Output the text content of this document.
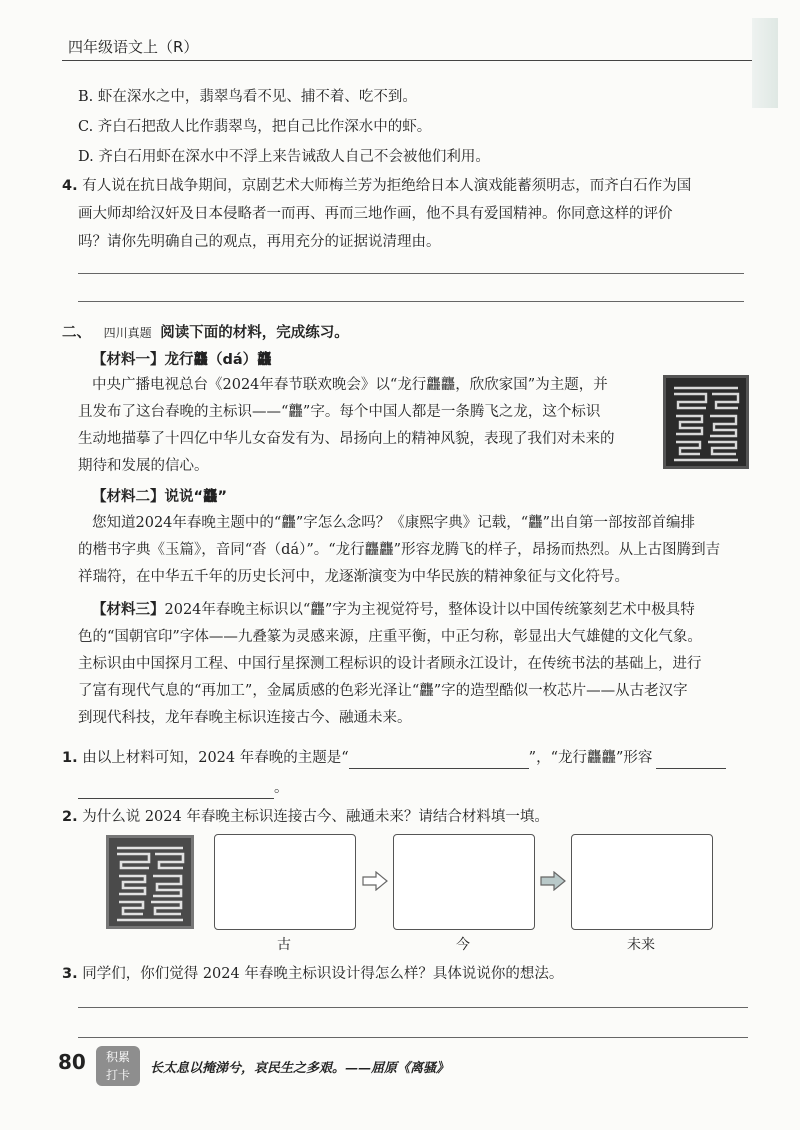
四年级语文上（R）
B. 虾在深水之中，翡翠鸟看不见、捕不着、吃不到。
C. 齐白石把敌人比作翡翠鸟，把自己比作深水中的虾。
D. 齐白石用虾在深水中不浮上来告诫敌人自己不会被他们利用。
4. 有人说在抗日战争期间，京剧艺术大师梅兰芳为拒绝给日本人演戏能蓄须明志，而齐白石作为国
画大师却给汉奸及日本侵略者一而再、再而三地作画，他不具有爱国精神。你同意这样的评价
吗？请你先明确自己的观点，再用充分的证据说清理由。
二、 四川真题 阅读下面的材料，完成练习。
【材料一】龙行龘（dá）龘
中央广播电视总台《2024年春节联欢晚会》以“龙行龘龘，欣欣家国”为主题，并
且发布了这台春晚的主标识——“龘”字。每个中国人都是一条腾飞之龙，这个标识
生动地描摹了十四亿中华儿女奋发有为、昂扬向上的精神风貌，表现了我们对未来的
期待和发展的信心。
【材料二】说说“龘”
您知道2024年春晚主题中的“龘”字怎么念吗？《康熙字典》记载，“龘”出自第一部按部首编排
的楷书字典《玉篇》，音同“沓（dá）”。“龙行龘龘”形容龙腾飞的样子，昂扬而热烈。从上古图腾到吉
祥瑞符，在中华五千年的历史长河中，龙逐渐演变为中华民族的精神象征与文化符号。
【材料三】2024年春晚主标识以“龘”字为主视觉符号，整体设计以中国传统篆刻艺术中极具特
色的“国朝官印”字体——九叠篆为灵感来源，庄重平衡，中正匀称，彰显出大气雄健的文化气象。
主标识由中国探月工程、中国行星探测工程标识的设计者顾永江设计，在传统书法的基础上，进行
了富有现代气息的“再加工”，金属质感的色彩光泽让“龘”字的造型酷似一枚芯片——从古老汉字
到现代科技，龙年春晚主标识连接古今、融通未来。
1. 由以上材料可知，2024 年春晚的主题是“	”，“龙行龘龘”形容
。
2. 为什么说 2024 年春晚主标识连接古今、融通未来？请结合材料填一填。
古	今	未来
3. 同学们，你们觉得 2024 年春晚主标识设计得怎么样？具体说说你的想法。
80	积累
打卡	长太息以掩涕兮，哀民生之多艰。——屈原《离骚》
